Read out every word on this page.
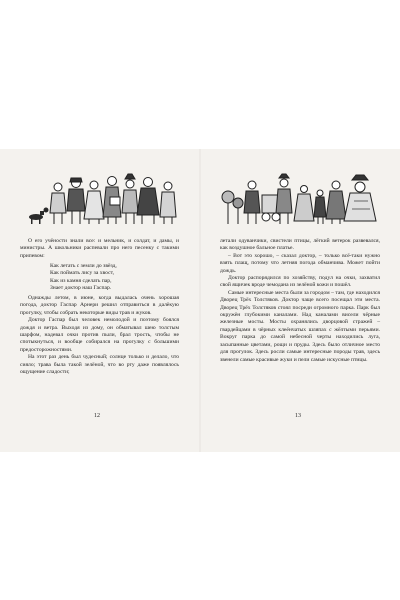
О его учёности знали все: и мельник, и солдат, и дамы, и министры. А школьники распевали про него песенку с такими припевом:

Как летать с земли до звёзд,
Как поймать лису за хвост,
Как из камня сделать пар,
Знает доктор наш Гаспар.

Однажды летом, в июне, когда выдалась очень хорошая погода, доктор Гаспар Арнери решил отправиться в далёкую прогулку, чтобы собрать некоторые виды трав и жуков.

Доктор Гаспар был человек немолодой и поэтому боялся дождя и ветра. Выходя из дому, он обматывал шею толстым шарфом, надевал очки против пыли, брал трость, чтобы не спотыкнуться, и вообще собирался на прогулку с большими предосторожностями.

На этот раз день был чудесный; солнце только и делало, что сияло; трава была такой зелёной, что во рту даже появлялось ощущение сладости;

12

летали одуванчики, свистели птицы, лёгкий ветерок развевался, как воздушное бальное платье.

– Вот это хорошо, – сказал доктор, – только всё-таки нужно взять плащ, потому что летняя погода обманчива. Может пойти дождь.

Доктор распорядился по хозяйству, подул на очки, захватил свой ящичек вроде чемодана из зелёной кожи и пошёл.

Самые интересные места были за городом – там, где находился Дворец Трёх Толстяков. Доктор чаще всего посещал эти места. Дворец Трёх Толстяков стоял посреди огромного парка. Парк был окружён глубокими каналами. Над каналами висели чёрные железные мосты. Мосты охранялись дворцовой стражей – гвардейцами в чёрных клеёнчатых шляпах с жёлтыми перьями. Вокруг парка до самой небесной черты находились луга, засыпанные цветами, рощи и пруды. Здесь было отличное место для прогулок. Здесь росли самые интересные породы трав, здесь звенели самые красивые жуки и пели самые искусные птицы.

13
